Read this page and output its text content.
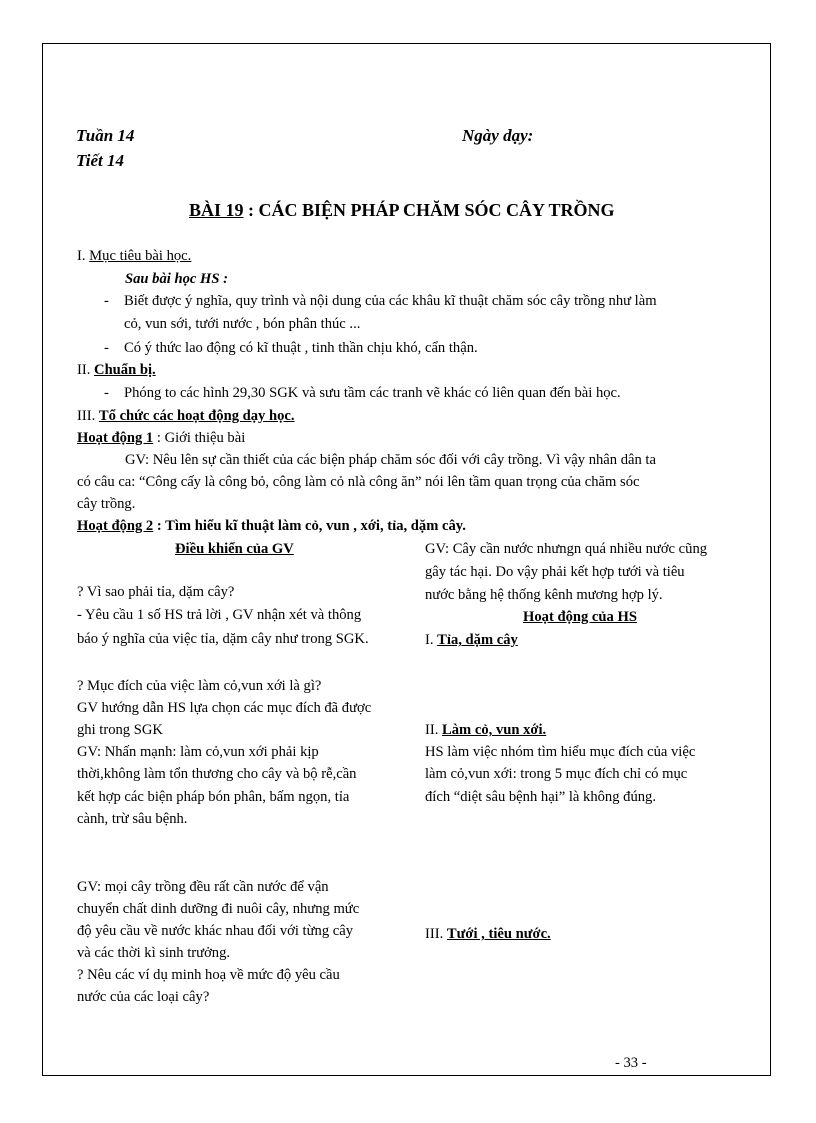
Tuần 14
Tiết 14
Ngày dạy:
BÀI 19 : CÁC BIỆN PHÁP CHĂM SÓC CÂY TRỒNG
I. Mục tiêu bài học.
Sau bài học HS :
- Biết được ý nghĩa, quy trình và nội dung của các khâu kĩ thuật chăm sóc cây trồng như làm
cỏ, vun sới, tưới nước , bón phân thúc ...
- Có ý thức lao động có kĩ thuật , tinh thần chịu khó, cẩn thận.
II. Chuẩn bị.
- Phóng to các hình 29,30 SGK và sưu tầm các tranh vẽ khác có liên quan đến bài học.
III. Tổ chức các hoạt động dạy học.
Hoạt động 1 : Giới thiệu bài
GV: Nêu lên sự cần thiết của các biện pháp chăm sóc đối với cây trồng. Vì vậy nhân dân ta
có câu ca: “Công cấy là công bỏ, công làm cỏ nlà công ăn” nói lên tầm quan trọng của chăm sóc
cây trồng.
Hoạt động 2 : Tìm hiểu kĩ thuật làm cỏ, vun , xới, tỉa, dặm cây.
Điều khiển của GV
? Vì sao phải tỉa, dặm cây?
- Yêu cầu 1 số HS trả lời , GV nhận xét và thông
báo ý nghĩa của việc tỉa, dặm cây như trong SGK.
? Mục đích của việc làm cỏ,vun xới là gì?
GV hướng dẫn HS lựa chọn các mục đích đã được
ghi trong SGK
GV: Nhấn mạnh: làm cỏ,vun xới phải kịp
thời,không làm tổn thương cho cây và bộ rễ,cần
kết hợp các biện pháp bón phân, bấm ngọn, tỉa
cành, trừ sâu bệnh.
GV: mọi cây trồng đều rất cần nước để vận
chuyển chất dinh dưỡng đi nuôi cây, nhưng mức
độ yêu cầu về nước khác nhau đối với từng cây
và các thời kì sinh trưởng.
? Nêu các ví dụ minh hoạ về mức độ yêu cầu
nước của các loại cây?
GV: Cây cần nước nhưngn quá nhiều nước cũng
gây tác hại. Do vậy phải kết hợp tưới và tiêu
nước bằng hệ thống kênh mương hợp lý.
Hoạt động của HS
I. Tỉa, dặm cây
II. Làm cỏ, vun xới.
HS làm việc nhóm tìm hiểu mục đích của việc
làm cỏ,vun xới: trong 5 mục đích chỉ có mục
đích “diệt sâu bệnh hại” là không đúng.
III. Tưới , tiêu nước.
- 33 -
